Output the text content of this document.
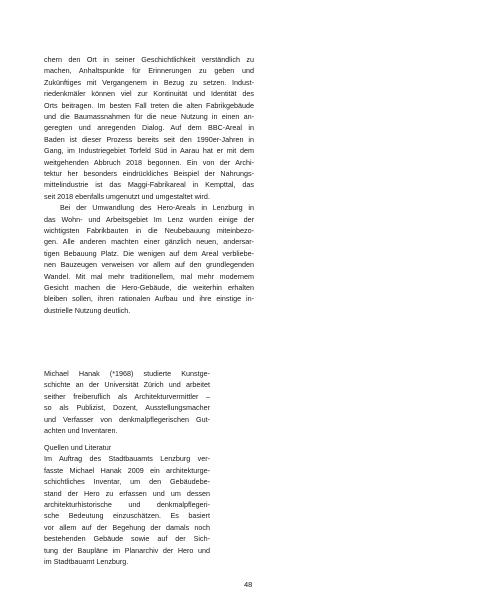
chern den Ort in seiner Geschichtlichkeit verständlich zu
machen, Anhaltspunkte für Erinnerungen zu geben und
Zukünftiges mit Vergangenem in Bezug zu setzen. Indust-
riedenkmäler können viel zur Kontinuität und Identität des
Orts beitragen. Im besten Fall treten die alten Fabrikgebäude
und die Baumassnahmen für die neue Nutzung in einen an-
geregten und anregenden Dialog. Auf dem BBC-Areal in
Baden ist dieser Prozess bereits seit den 1990er-Jahren in
Gang, im Industriegebiet Torfeld Süd in Aarau hat er mit dem
weitgehenden Abbruch 2018 begonnen. Ein von der Archi-
tektur her besonders eindrückliches Beispiel der Nahrungs-
mittelindustrie ist das Maggi-Fabrikareal in Kempttal, das
seit 2018 ebenfalls umgenutzt und umgestaltet wird.
Bei der Umwandlung des Hero-Areals in Lenzburg in
das Wohn- und Arbeitsgebiet Im Lenz wurden einige der
wichtigsten Fabrikbauten in die Neubebauung miteinbezo-
gen. Alle anderen machten einer gänzlich neuen, andersar-
tigen Bebauung Platz. Die wenigen auf dem Areal verbliebe-
nen Bauzeugen verweisen vor allem auf den grundlegenden
Wandel. Mit mal mehr traditionellem, mal mehr modernem
Gesicht machen die Hero-Gebäude, die weiterhin erhalten
bleiben sollen, ihren rationalen Aufbau und ihre einstige in-
dustrielle Nutzung deutlich.
Michael Hanak (*1968) studierte Kunstge-
schichte an der Universität Zürich und arbeitet
seither freiberuflich als Architekturvermittler –
so als Publizist, Dozent, Ausstellungsmacher
und Verfasser von denkmalpflegerischen Gut-
achten und Inventaren.
Quellen und Literatur
Im Auftrag des Stadtbauamts Lenzburg ver-
fasste Michael Hanak 2009 ein architekturge-
schichtliches Inventar, um den Gebäudebe-
stand der Hero zu erfassen und um dessen
architekturhistorische und denkmalpflegeri-
sche Bedeutung einzuschätzen. Es basiert
vor allem auf der Begehung der damals noch
bestehenden Gebäude sowie auf der Sich-
tung der Baupläne im Planarchiv der Hero und
im Stadtbauamt Lenzburg.
48
